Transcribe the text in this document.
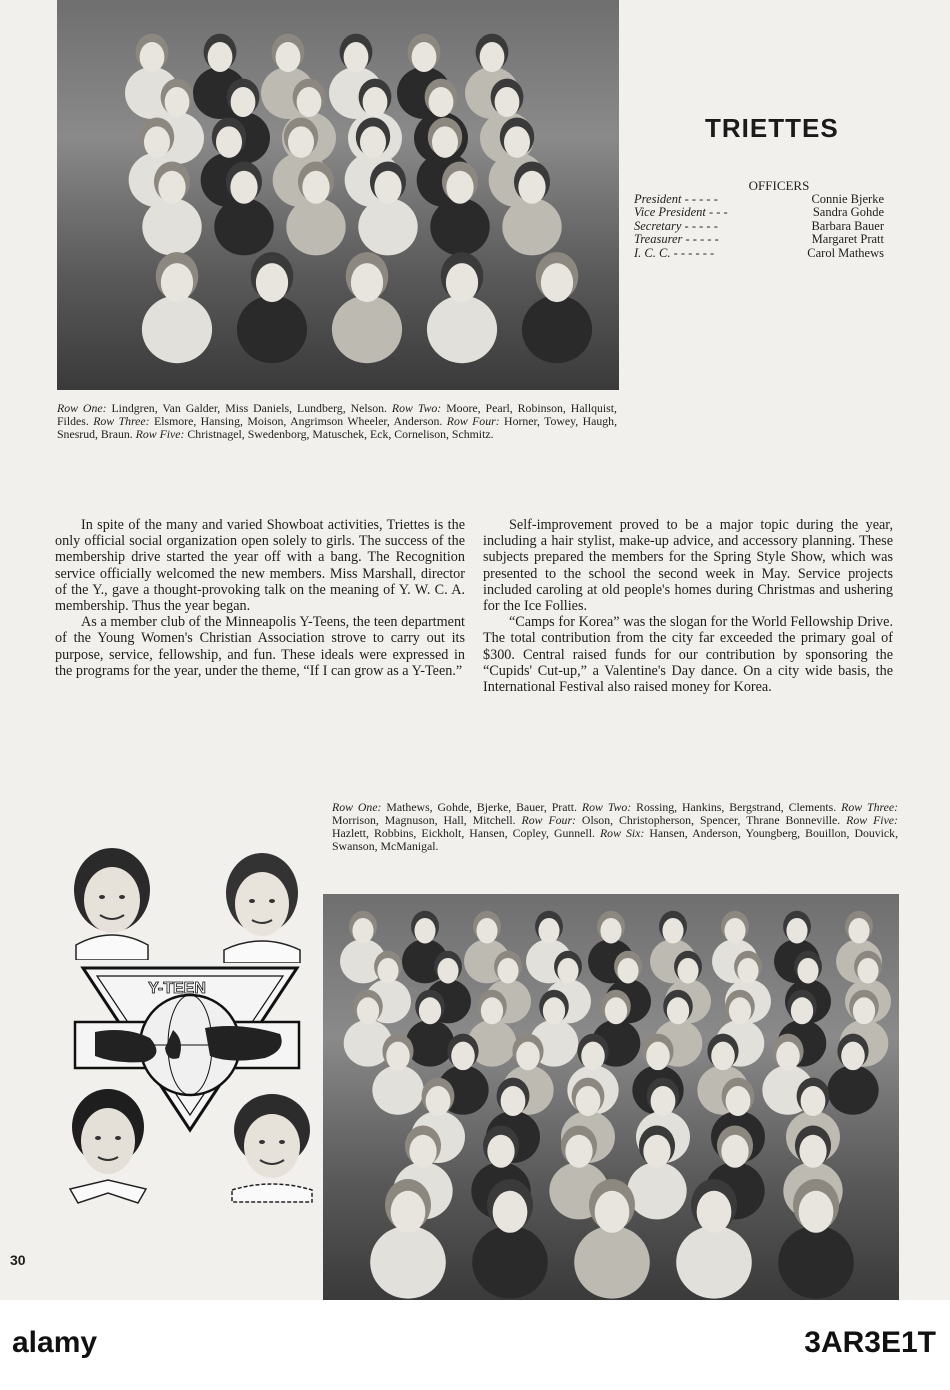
TRIETTES
OFFICERS
President - - - - -	Connie Bjerke
Vice President - - -	Sandra Gohde
Secretary - - - - -	Barbara Bauer
Treasurer - - - - -	Margaret Pratt
I. C. C. - - - - - -	Carol Mathews
Row One: Lindgren, Van Galder, Miss Daniels, Lundberg, Nelson. Row Two: Moore, Pearl, Robinson, Hallquist, Fildes. Row Three: Elsmore, Hansing, Moison, Angrimson Wheeler, Anderson. Row Four: Horner, Towey, Haugh, Snesrud, Braun. Row Five: Christnagel, Swedenborg, Matuschek, Eck, Cornelison, Schmitz.

In spite of the many and varied Showboat activities, Triettes is the only official social organization open solely to girls. The success of the membership drive started the year off with a bang. The Recognition service officially welcomed the new members. Miss Marshall, director of the Y., gave a thought-provoking talk on the meaning of Y. W. C. A. membership. Thus the year began.

As a member club of the Minneapolis Y-Teens, the teen department of the Young Women's Christian Association strove to carry out its purpose, service, fellowship, and fun. These ideals were expressed in the programs for the year, under the theme, “If I can grow as a Y-Teen.”

Self-improvement proved to be a major topic during the year, including a hair stylist, make-up advice, and accessory planning. These subjects prepared the members for the Spring Style Show, which was presented to the school the second week in May. Service projects included caroling at old people's homes during Christmas and ushering for the Ice Follies.

“Camps for Korea” was the slogan for the World Fellowship Drive. The total contribution from the city far exceeded the primary goal of $300. Central raised funds for our contribution by sponsoring the “Cupids' Cut-up,” a Valentine's Day dance. On a city wide basis, the International Festival also raised money for Korea.

Row One: Mathews, Gohde, Bjerke, Bauer, Pratt. Row Two: Rossing, Hankins, Bergstrand, Clements. Row Three: Morrison, Magnuson, Hall, Mitchell. Row Four: Olson, Christopherson, Spencer, Thrane Bonneville. Row Five: Hazlett, Robbins, Eickholt, Hansen, Copley, Gunnell. Row Six: Hansen, Anderson, Youngberg, Bouillon, Douvick, Swanson, McManigal.
Y-TEEN
30
alamy	3AR3E1T
